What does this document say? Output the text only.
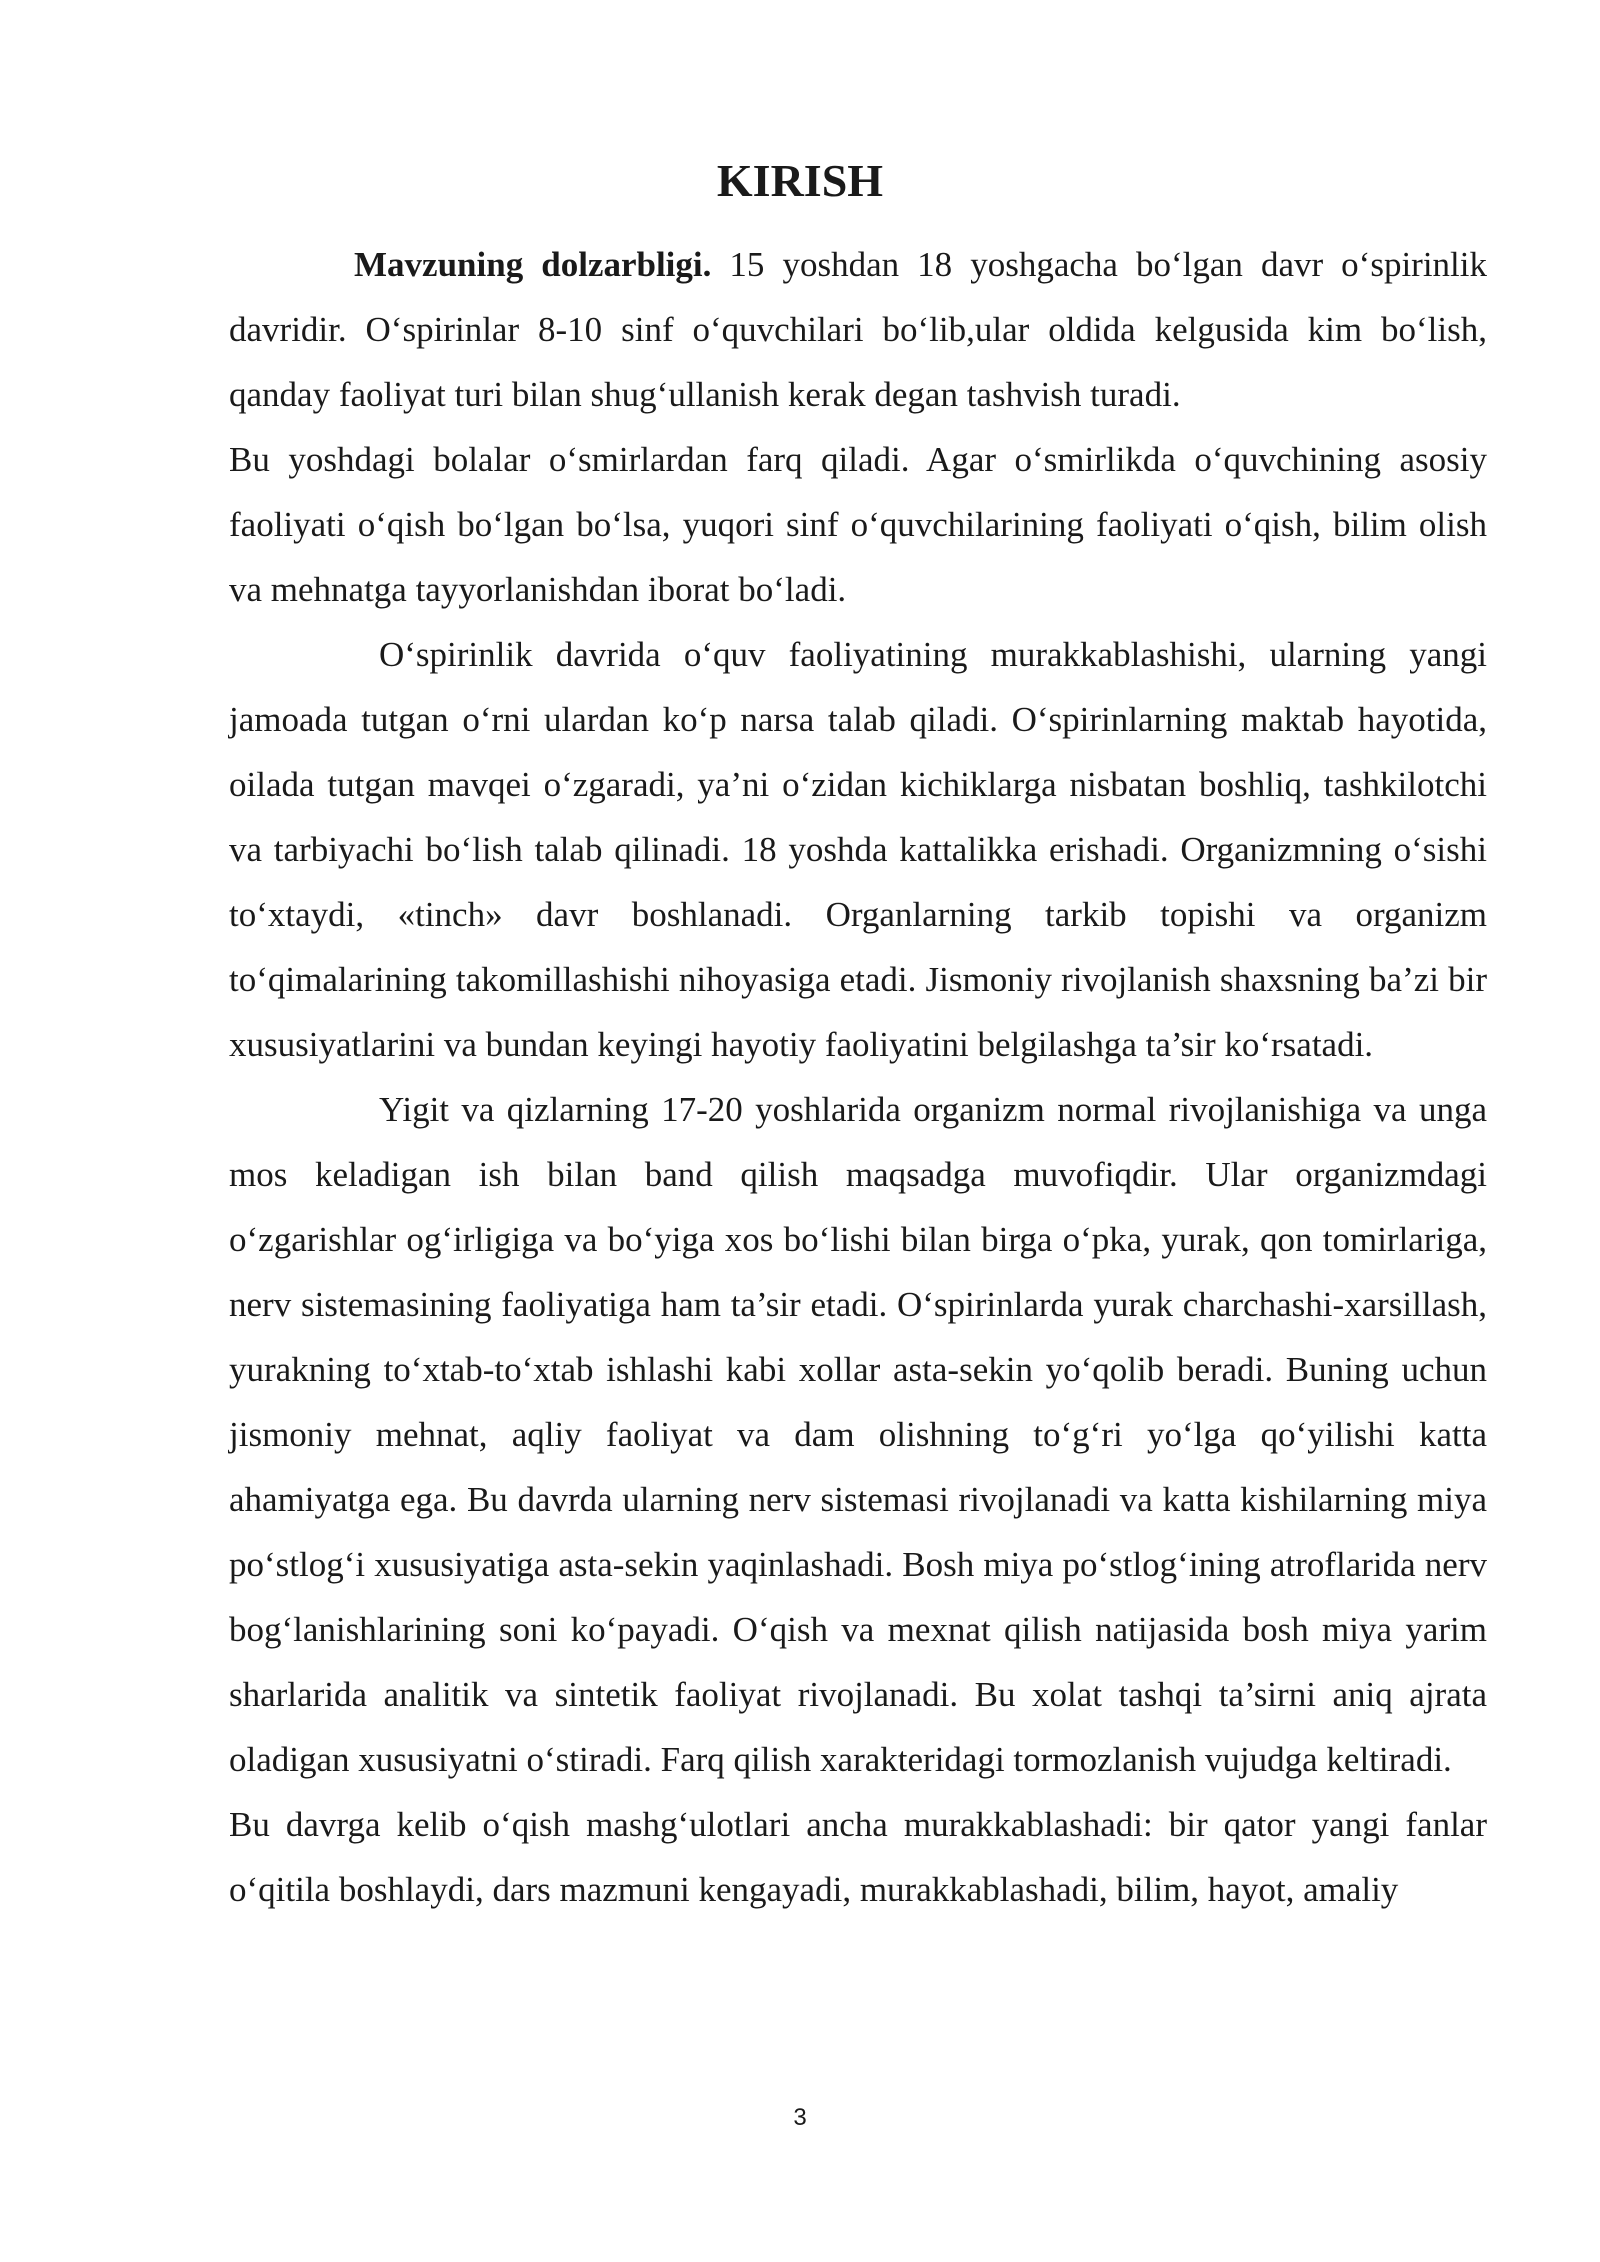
KIRISH

Mavzuning dolzarbligi. 15 yoshdan 18 yoshgacha bo‘lgan davr o‘spirinlik davridir. O‘spirinlar 8-10 sinf o‘quvchilari bo‘lib,ular oldida kelgusida kim bo‘lish, qanday faoliyat turi bilan shug‘ullanish kerak degan tashvish turadi.

Bu yoshdagi bolalar o‘smirlardan farq qiladi. Agar o‘smirlikda o‘quvchining asosiy faoliyati o‘qish bo‘lgan bo‘lsa, yuqori sinf o‘quvchilarining faoliyati o‘qish, bilim olish va mehnatga tayyorlanishdan iborat bo‘ladi.

O‘spirinlik davrida o‘quv faoliyatining murakkablashishi, ularning yangi jamoada tutgan o‘rni ulardan ko‘p narsa talab qiladi. O‘spirinlarning maktab hayotida, oilada tutgan mavqei o‘zgaradi, ya’ni o‘zidan kichiklarga nisbatan boshliq, tashkilotchi va tarbiyachi bo‘lish talab qilinadi. 18 yoshda kattalikka erishadi. Organizmning o‘sishi to‘xtaydi, «tinch» davr boshlanadi. Organlarning tarkib topishi va organizm to‘qimalarining takomillashishi nihoyasiga etadi. Jismoniy rivojlanish shaxsning ba’zi bir xususiyatlarini va bundan keyingi hayotiy faoliyatini belgilashga ta’sir ko‘rsatadi.

Yigit va qizlarning 17-20 yoshlarida organizm normal rivojlanishiga va unga mos keladigan ish bilan band qilish maqsadga muvofiqdir. Ular organizmdagi o‘zgarishlar og‘irligiga va bo‘yiga xos bo‘lishi bilan birga o‘pka, yurak, qon tomirlariga, nerv sistemasining faoliyatiga ham ta’sir etadi. O‘spirinlarda yurak charchashi-xarsillash, yurakning to‘xtab-to‘xtab ishlashi kabi xollar asta-sekin yo‘qolib beradi. Buning uchun jismoniy mehnat, aqliy faoliyat va dam olishning to‘g‘ri yo‘lga qo‘yilishi katta ahamiyatga ega. Bu davrda ularning nerv sistemasi rivojlanadi va katta kishilarning miya po‘stlog‘i xususiyatiga asta-sekin yaqinlashadi. Bosh miya po‘stlog‘ining atroflarida nerv bog‘lanishlarining soni ko‘payadi. O‘qish va mexnat qilish natijasida bosh miya yarim sharlarida analitik va sintetik faoliyat rivojlanadi. Bu xolat tashqi ta’sirni aniq ajrata oladigan xususiyatni o‘stiradi. Farq qilish xarakteridagi tormozlanish vujudga keltiradi.

Bu davrga kelib o‘qish mashg‘ulotlari ancha murakkablashadi: bir qator yangi fanlar o‘qitila boshlaydi, dars mazmuni kengayadi, murakkablashadi, bilim, hayot, amaliy

3
